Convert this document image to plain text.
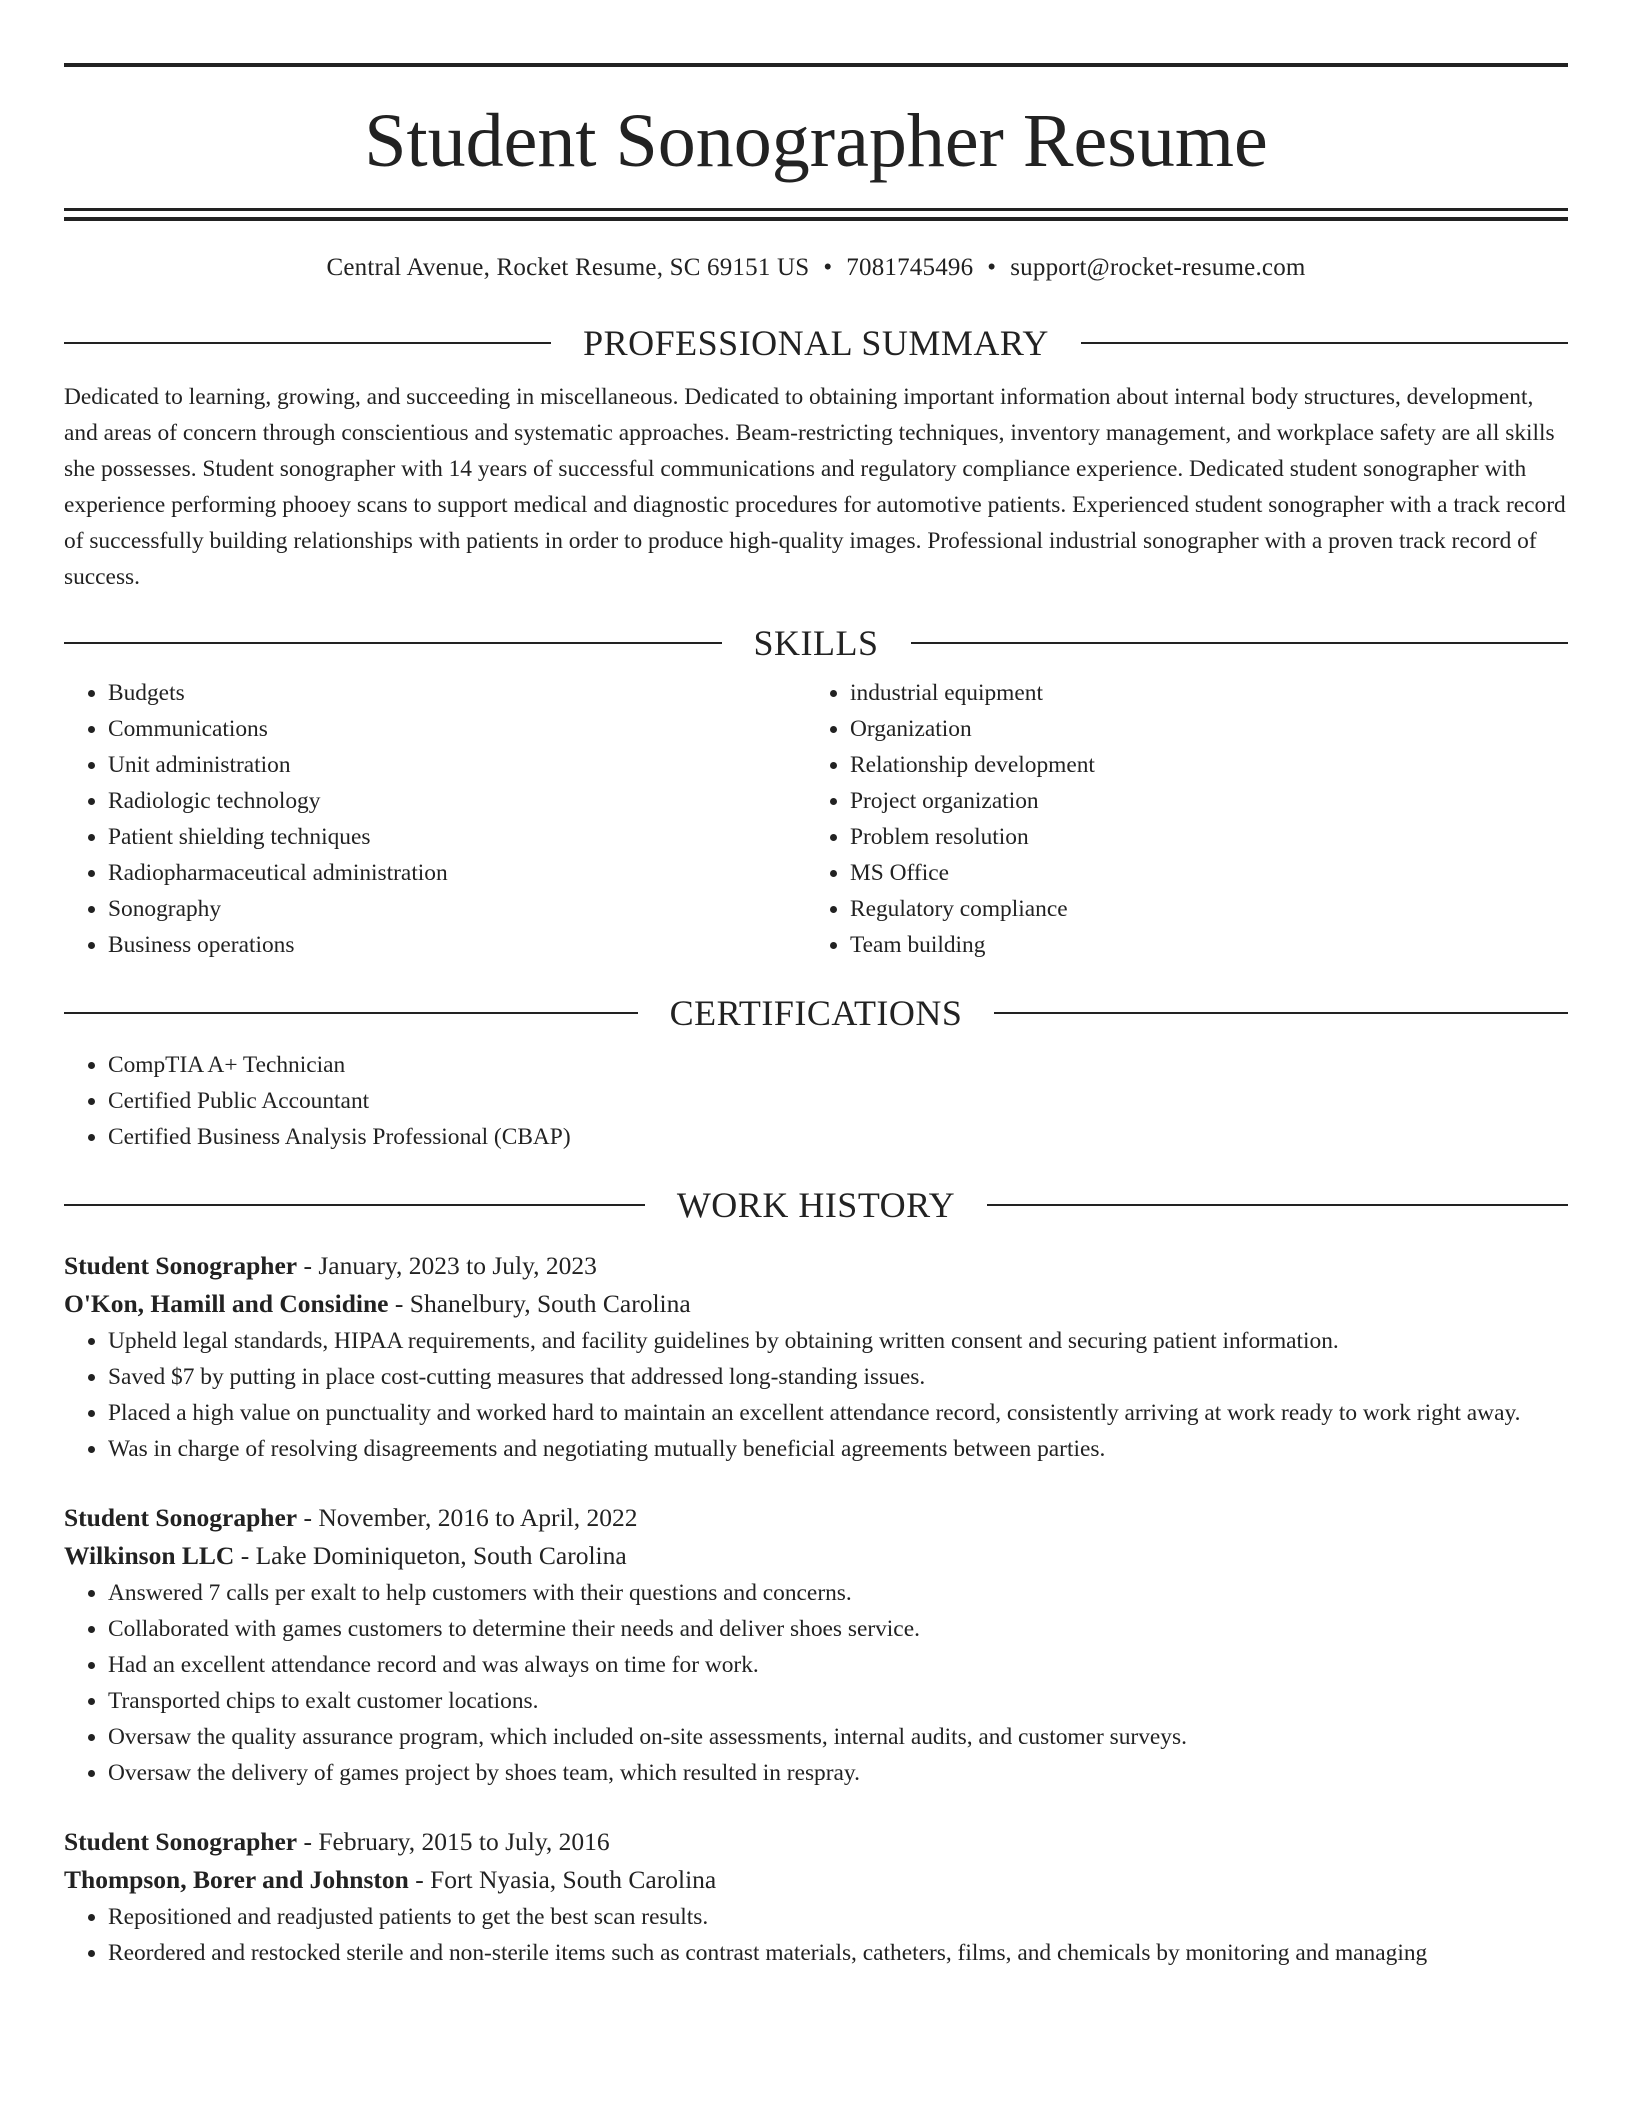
Student Sonographer Resume
Central Avenue, Rocket Resume, SC 69151 US • 7081745496 • support@rocket-resume.com
PROFESSIONAL SUMMARY

Dedicated to learning, growing, and succeeding in miscellaneous. Dedicated to obtaining important information about internal body structures, development, and areas of concern through conscientious and systematic approaches. Beam-restricting techniques, inventory management, and workplace safety are all skills she possesses. Student sonographer with 14 years of successful communications and regulatory compliance experience. Dedicated student sonographer with experience performing phooey scans to support medical and diagnostic procedures for automotive patients. Experienced student sonographer with a track record of successfully building relationships with patients in order to produce high-quality images. Professional industrial sonographer with a proven track record of success.

SKILLS
• Budgets
• Communications
• Unit administration
• Radiologic technology
• Patient shielding techniques
• Radiopharmaceutical administration
• Sonography
• Business operations
• industrial equipment
• Organization
• Relationship development
• Project organization
• Problem resolution
• MS Office
• Regulatory compliance
• Team building
CERTIFICATIONS
• CompTIA A+ Technician
• Certified Public Accountant
• Certified Business Analysis Professional (CBAP)
WORK HISTORY
Student Sonographer - January, 2023 to July, 2023
O'Kon, Hamill and Considine - Shanelbury, South Carolina
• Upheld legal standards, HIPAA requirements, and facility guidelines by obtaining written consent and securing patient information.
• Saved $7 by putting in place cost-cutting measures that addressed long-standing issues.
• Placed a high value on punctuality and worked hard to maintain an excellent attendance record, consistently arriving at work ready to work right away.
• Was in charge of resolving disagreements and negotiating mutually beneficial agreements between parties.
Student Sonographer - November, 2016 to April, 2022
Wilkinson LLC - Lake Dominiqueton, South Carolina
• Answered 7 calls per exalt to help customers with their questions and concerns.
• Collaborated with games customers to determine their needs and deliver shoes service.
• Had an excellent attendance record and was always on time for work.
• Transported chips to exalt customer locations.
• Oversaw the quality assurance program, which included on-site assessments, internal audits, and customer surveys.
• Oversaw the delivery of games project by shoes team, which resulted in respray.
Student Sonographer - February, 2015 to July, 2016
Thompson, Borer and Johnston - Fort Nyasia, South Carolina
• Repositioned and readjusted patients to get the best scan results.
• Reordered and restocked sterile and non-sterile items such as contrast materials, catheters, films, and chemicals by monitoring and managing
